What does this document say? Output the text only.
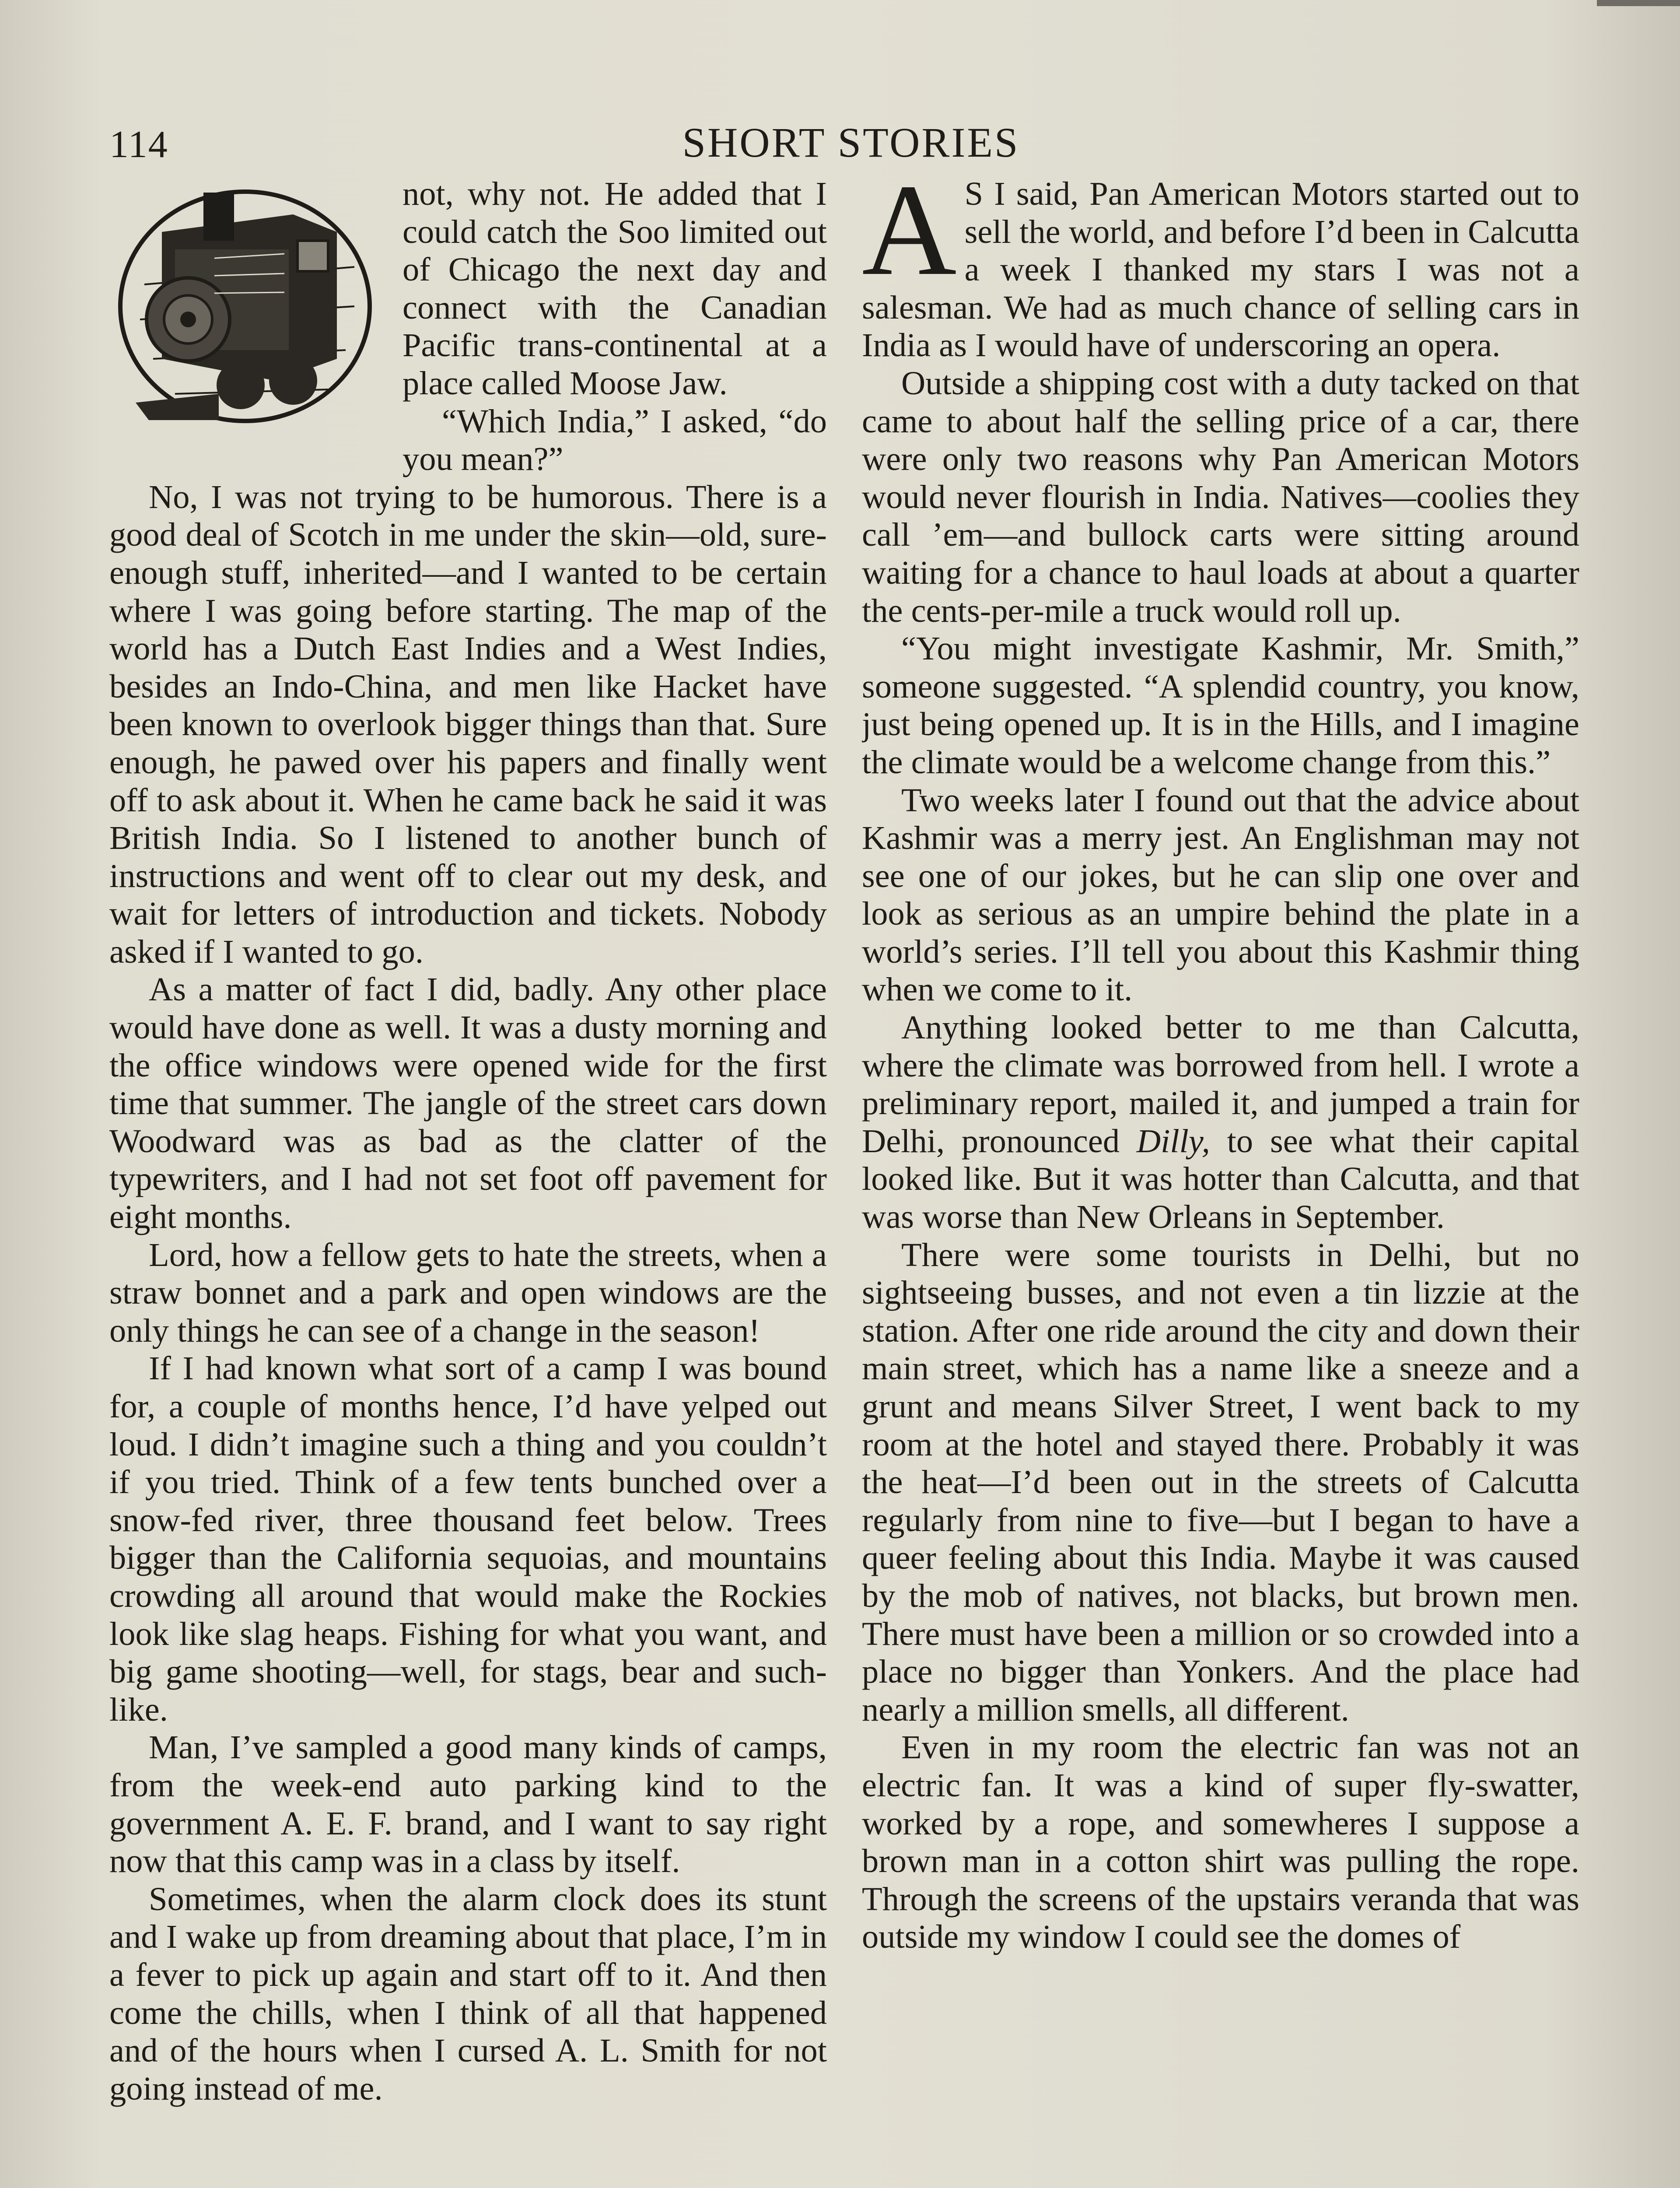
114	SHORT STORIES

not, why not. He added that I could catch the Soo limited out of Chicago the next day and connect with the Canadian Pacific trans-continental at a place called Moose Jaw.

“Which India,” I asked, “do you mean?”

No, I was not trying to be humorous. There is a good deal of Scotch in me under the skin—old, sure-enough stuff, inherited—and I wanted to be certain where I was going before starting. The map of the world has a Dutch East Indies and a West Indies, besides an Indo-China, and men like Hacket have been known to overlook bigger things than that. Sure enough, he pawed over his papers and finally went off to ask about it. When he came back he said it was British India. So I listened to another bunch of instructions and went off to clear out my desk, and wait for letters of introduction and tickets. Nobody asked if I wanted to go.

As a matter of fact I did, badly. Any other place would have done as well. It was a dusty morning and the office windows were opened wide for the first time that summer. The jangle of the street cars down Woodward was as bad as the clatter of the typewriters, and I had not set foot off pavement for eight months.

Lord, how a fellow gets to hate the streets, when a straw bonnet and a park and open windows are the only things he can see of a change in the season!

If I had known what sort of a camp I was bound for, a couple of months hence, I’d have yelped out loud. I didn’t imagine such a thing and you couldn’t if you tried. Think of a few tents bunched over a snow-fed river, three thousand feet below. Trees bigger than the California sequoias, and mountains crowding all around that would make the Rockies look like slag heaps. Fishing for what you want, and big game shooting—well, for stags, bear and such-like.

Man, I’ve sampled a good many kinds of camps, from the week-end auto parking kind to the government A. E. F. brand, and I want to say right now that this camp was in a class by itself.

Sometimes, when the alarm clock does its stunt and I wake up from dreaming about that place, I’m in a fever to pick up again and start off to it. And then come the chills, when I think of all that happened and of the hours when I cursed A. L. Smith for not going instead of me.

A S I said, Pan American Motors started out to sell the world, and before I’d been in Calcutta a week I thanked my stars I was not a salesman. We had as much chance of selling cars in India as I would have of underscoring an opera.

Outside a shipping cost with a duty tacked on that came to about half the selling price of a car, there were only two reasons why Pan American Motors would never flourish in India. Natives—coolies they call ’em—and bullock carts were sitting around waiting for a chance to haul loads at about a quarter the cents-per-mile a truck would roll up.

“You might investigate Kashmir, Mr. Smith,” someone suggested. “A splendid country, you know, just being opened up. It is in the Hills, and I imagine the climate would be a welcome change from this.”

Two weeks later I found out that the advice about Kashmir was a merry jest. An Englishman may not see one of our jokes, but he can slip one over and look as serious as an umpire behind the plate in a world’s series. I’ll tell you about this Kashmir thing when we come to it.

Anything looked better to me than Calcutta, where the climate was borrowed from hell. I wrote a preliminary report, mailed it, and jumped a train for Delhi, pronounced Dilly, to see what their capital looked like. But it was hotter than Calcutta, and that was worse than New Orleans in September.

There were some tourists in Delhi, but no sightseeing busses, and not even a tin lizzie at the station. After one ride around the city and down their main street, which has a name like a sneeze and a grunt and means Silver Street, I went back to my room at the hotel and stayed there. Probably it was the heat—I’d been out in the streets of Calcutta regularly from nine to five—but I began to have a queer feeling about this India. Maybe it was caused by the mob of natives, not blacks, but brown men. There must have been a million or so crowded into a place no bigger than Yonkers. And the place had nearly a million smells, all different.

Even in my room the electric fan was not an electric fan. It was a kind of super fly-swatter, worked by a rope, and somewheres I suppose a brown man in a cotton shirt was pulling the rope. Through the screens of the upstairs veranda that was outside my window I could see the domes of
